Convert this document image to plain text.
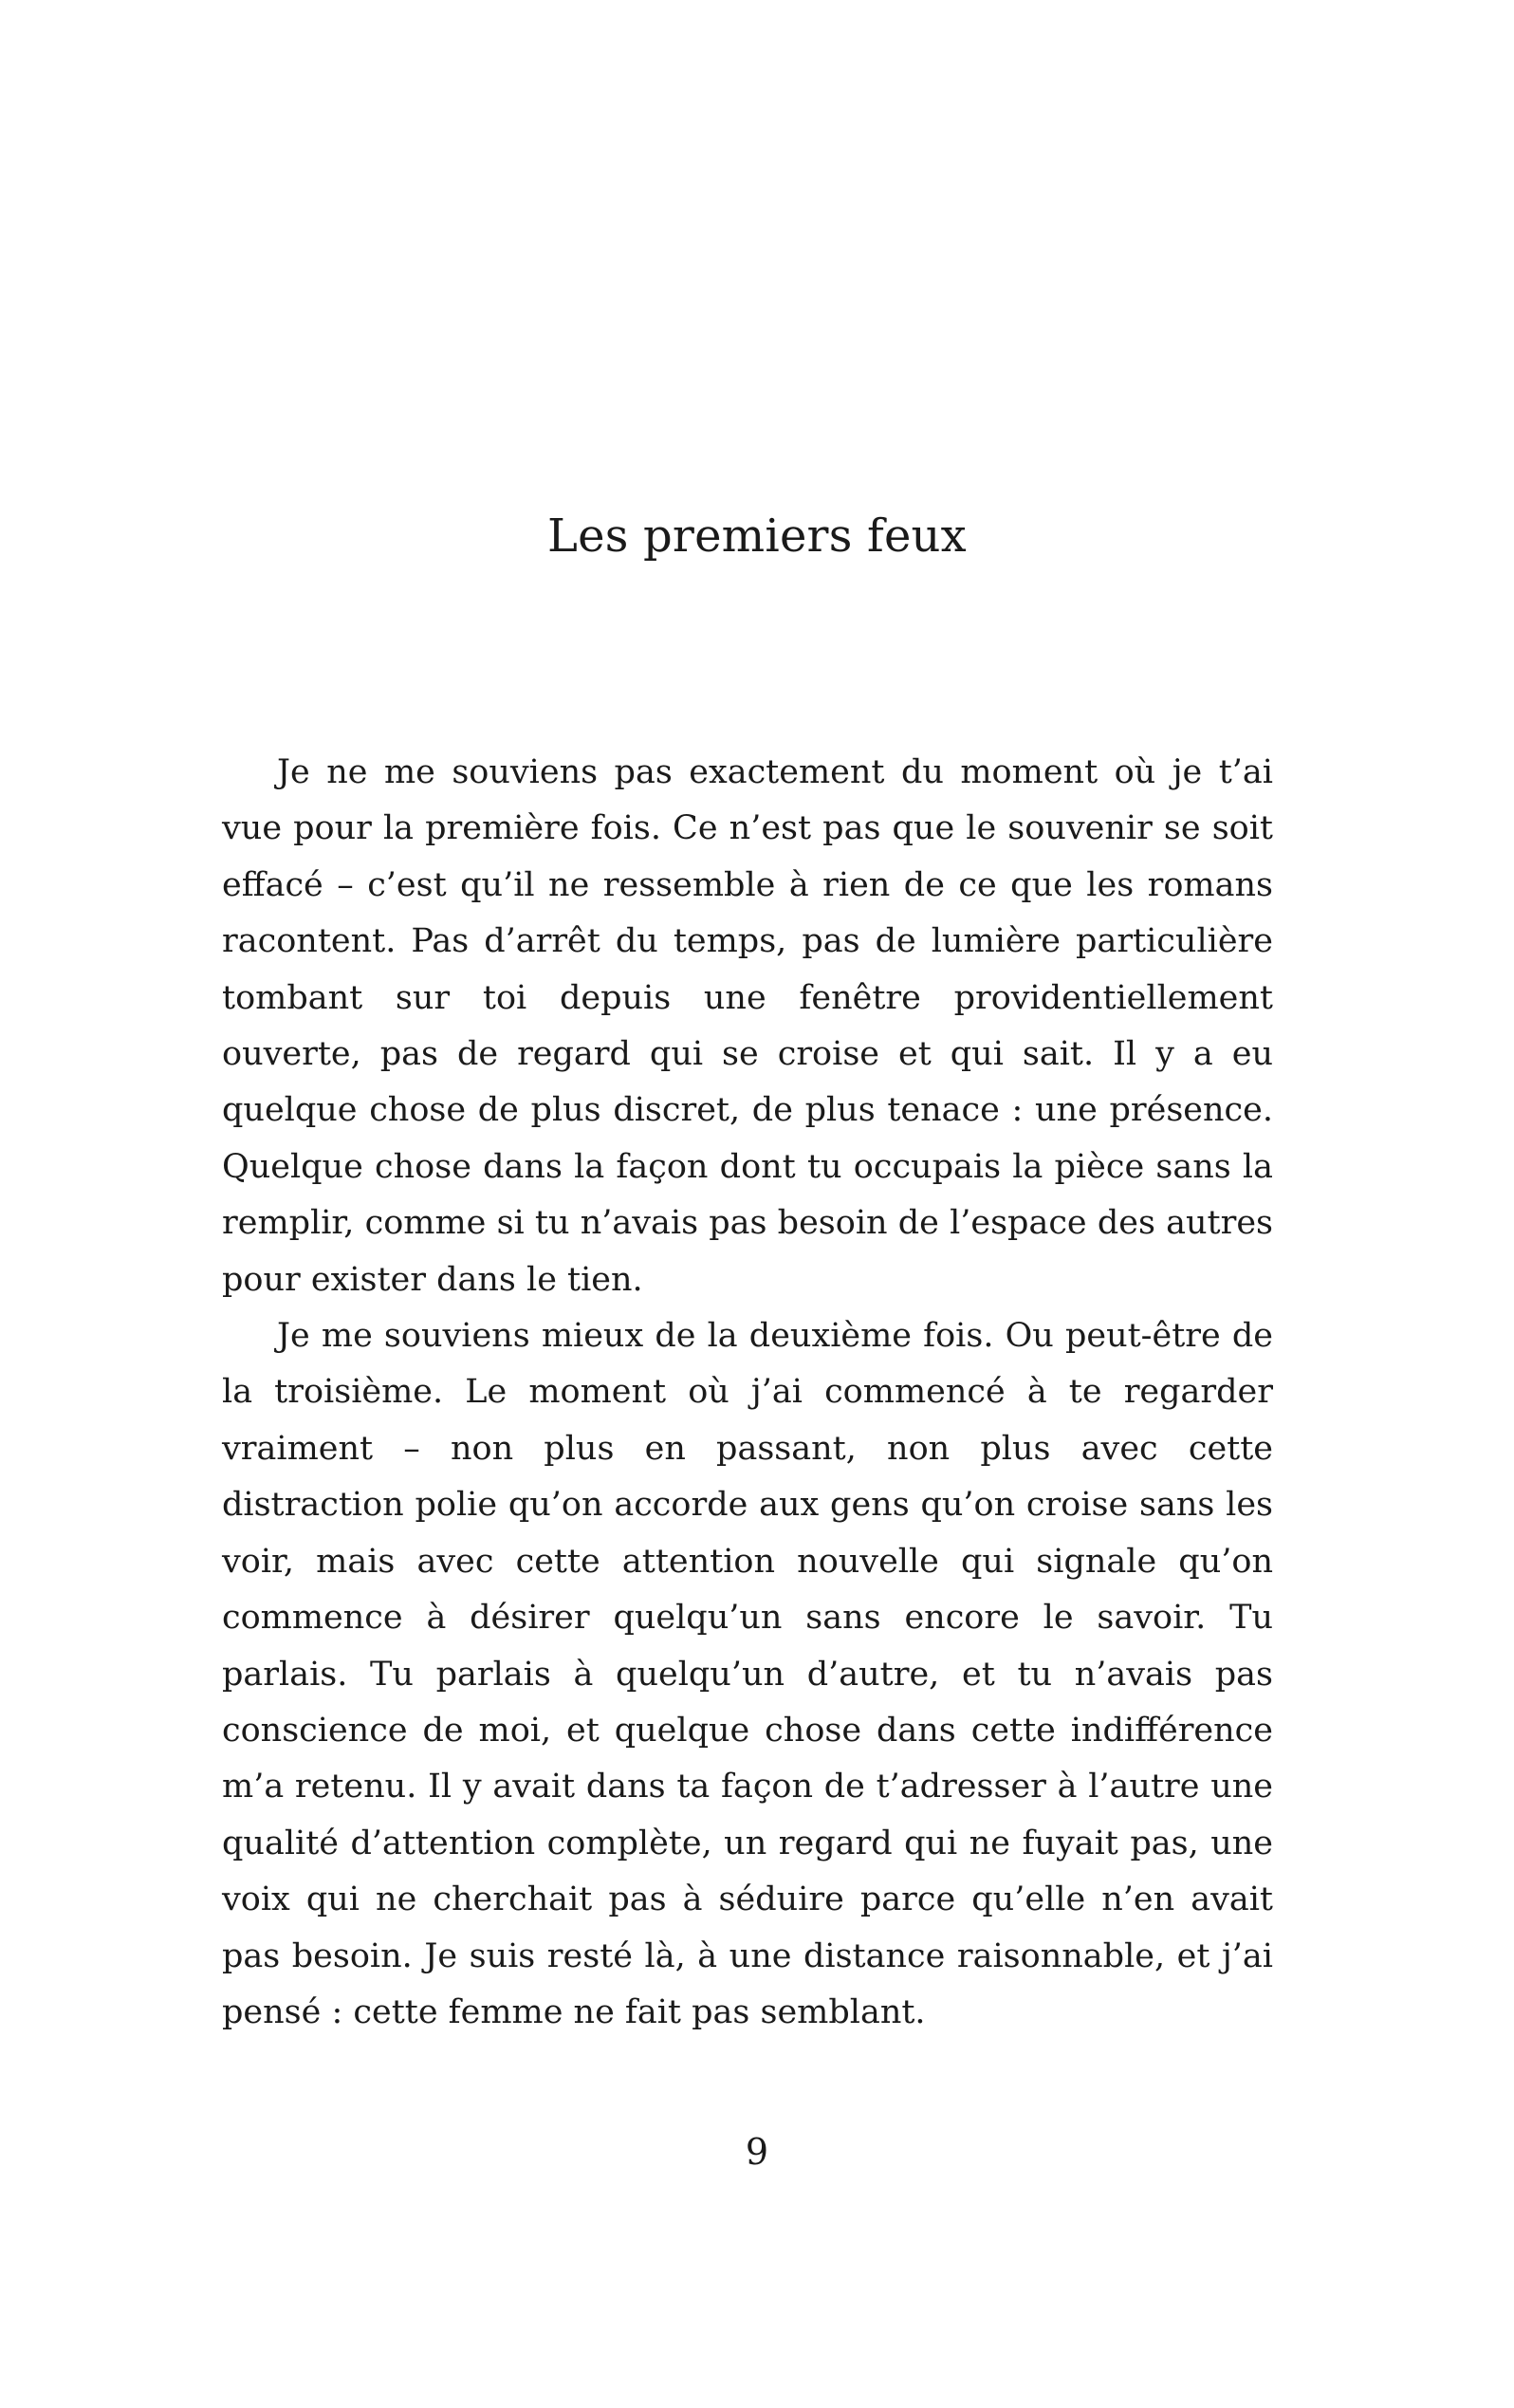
Les premiers feux

Je ne me souviens pas exactement du moment où je t’ai vue pour la première fois. Ce n’est pas que le souvenir se soit effacé – c’est qu’il ne ressemble à rien de ce que les romans racontent. Pas d’arrêt du temps, pas de lumière particulière tombant sur toi depuis une fenêtre providentiellement ouverte, pas de regard qui se croise et qui sait. Il y a eu quelque chose de plus discret, de plus tenace : une présence. Quelque chose dans la façon dont tu occupais la pièce sans la remplir, comme si tu n’avais pas besoin de l’espace des autres pour exister dans le tien.

Je me souviens mieux de la deuxième fois. Ou peut-être de la troisième. Le moment où j’ai commencé à te regarder vraiment – non plus en passant, non plus avec cette distraction polie qu’on accorde aux gens qu’on croise sans les voir, mais avec cette attention nouvelle qui signale qu’on commence à désirer quelqu’un sans encore le savoir. Tu parlais. Tu parlais à quelqu’un d’autre, et tu n’avais pas conscience de moi, et quelque chose dans cette indifférence m’a retenu. Il y avait dans ta façon de t’adresser à l’autre une qualité d’attention complète, un regard qui ne fuyait pas, une voix qui ne cherchait pas à séduire parce qu’elle n’en avait pas besoin. Je suis resté là, à une distance raisonnable, et j’ai pensé : cette femme ne fait pas semblant.

9
